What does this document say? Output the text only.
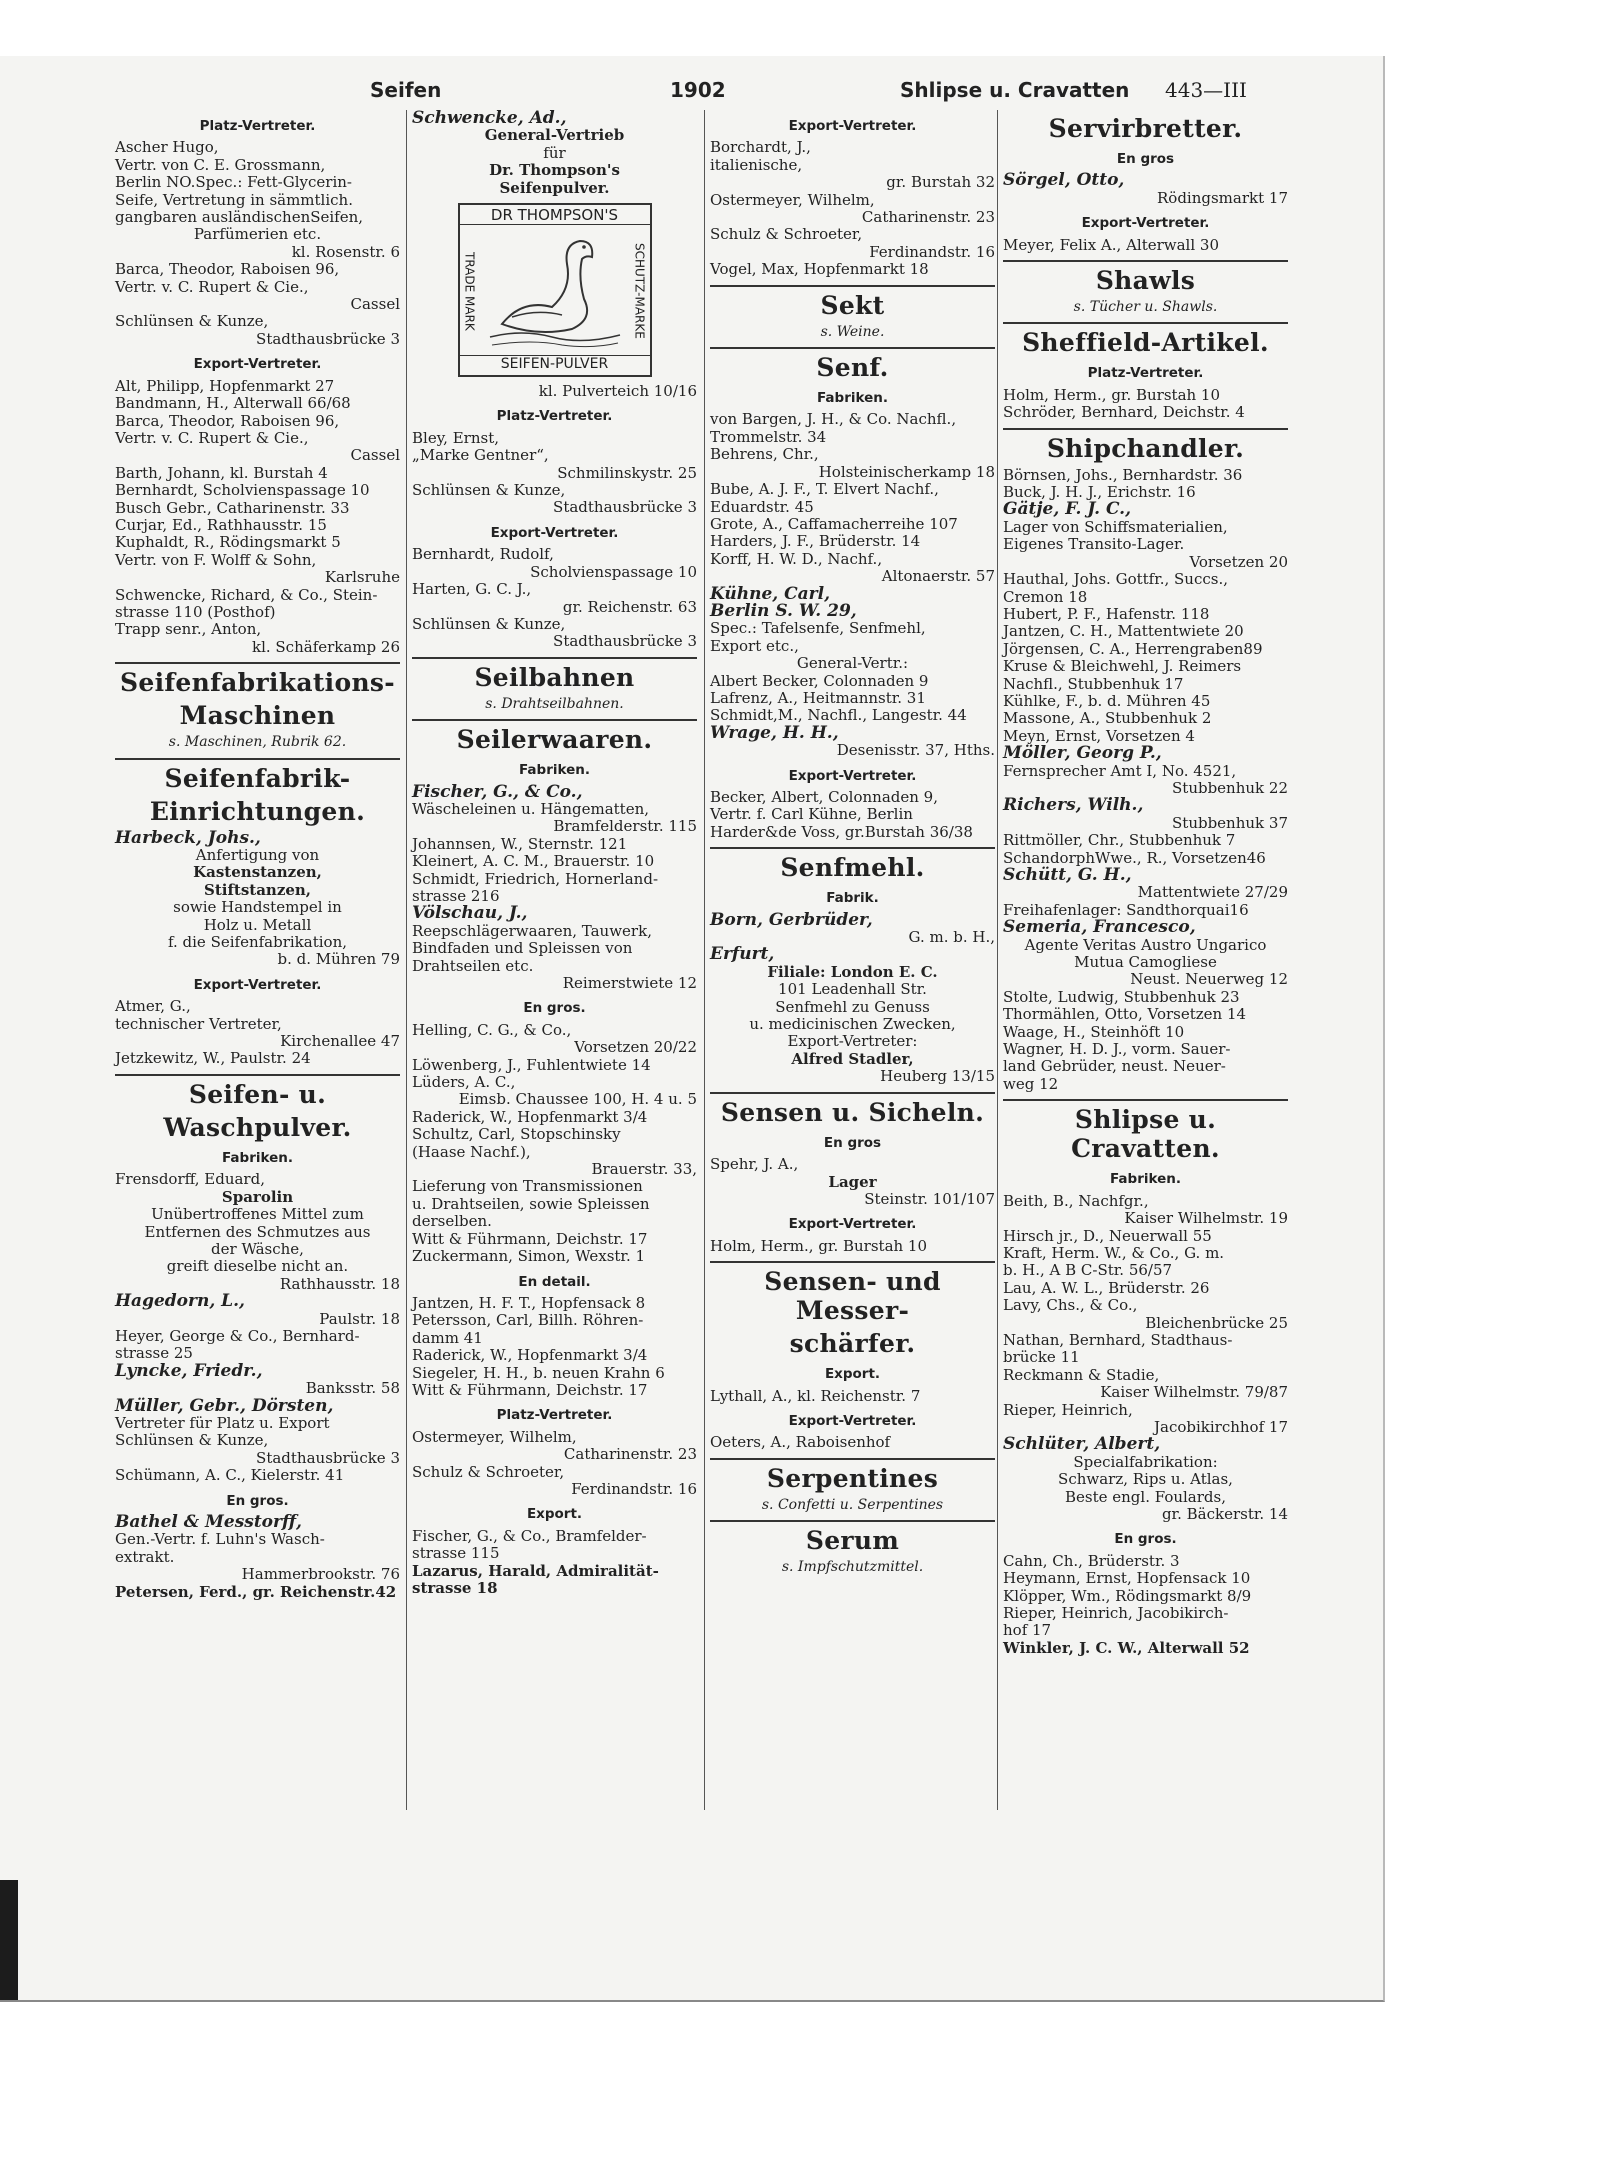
Seifen	1902	Shlipse u. Cravatten 443—III
Platz-Vertreter.
Ascher Hugo,
Vertr. von C. E. Grossmann,
Berlin NO.Spec.: Fett-Glycerin-
Seife, Vertretung in sämmtlich.
gangbaren ausländischenSeifen,
Parfümerien etc.
kl. Rosenstr. 6
Barca, Theodor, Raboisen 96,
Vertr. v. C. Rupert & Cie.,
Cassel
Schlünsen & Kunze,
Stadthausbrücke 3
Export-Vertreter.
Alt, Philipp, Hopfenmarkt 27
Bandmann, H., Alterwall 66/68
Barca, Theodor, Raboisen 96,
Vertr. v. C. Rupert & Cie.,
Cassel
Barth, Johann, kl. Burstah 4
Bernhardt, Scholvienspassage 10
Busch Gebr., Catharinenstr. 33
Curjar, Ed., Rathhausstr. 15
Kuphaldt, R., Rödingsmarkt 5
Vertr. von F. Wolff & Sohn,
Karlsruhe
Schwencke, Richard, & Co., Stein-
strasse 110 (Posthof)
Trapp senr., Anton,
kl. Schäferkamp 26
Seifenfabrikations-
Maschinen
s. Maschinen, Rubrik 62.
Seifenfabrik-
Einrichtungen.
Harbeck, Johs.,
Anfertigung von
Kastenstanzen,
Stiftstanzen,
sowie Handstempel in
Holz u. Metall
f. die Seifenfabrikation,
b. d. Mühren 79
Export-Vertreter.
Atmer, G.,
technischer Vertreter,
Kirchenallee 47
Jetzkewitz, W., Paulstr. 24
Seifen- u.
Waschpulver.
Fabriken.
Frensdorff, Eduard,
Sparolin
Unübertroffenes Mittel zum
Entfernen des Schmutzes aus
der Wäsche,
greift dieselbe nicht an.
Rathhausstr. 18
Hagedorn, L.,
Paulstr. 18
Heyer, George & Co., Bernhard-
strasse 25
Lyncke, Friedr.,
Banksstr. 58
Müller, Gebr., Dörsten,
Vertreter für Platz u. Export
Schlünsen & Kunze,
Stadthausbrücke 3
Schümann, A. C., Kielerstr. 41
En gros.
Bathel & Messtorff,
Gen.-Vertr. f. Luhn's Wasch-
extrakt.
Hammerbrookstr. 76
Petersen, Ferd., gr. Reichenstr.42
Schwencke, Ad.,
General-Vertrieb
für
Dr. Thompson's
Seifenpulver.
DR THOMPSON'S
TRADE MARK	SCHUTZ-MARKE
SEIFEN-PULVER
kl. Pulverteich 10/16
Platz-Vertreter.
Bley, Ernst,
„Marke Gentner“,
Schmilinskystr. 25
Schlünsen & Kunze,
Stadthausbrücke 3
Export-Vertreter.
Bernhardt, Rudolf,
Scholvienspassage 10
Harten, G. C. J.,
gr. Reichenstr. 63
Schlünsen & Kunze,
Stadthausbrücke 3
Seilbahnen
s. Drahtseilbahnen.
Seilerwaaren.
Fabriken.
Fischer, G., & Co.,
Wäscheleinen u. Hängematten,
Bramfelderstr. 115
Johannsen, W., Sternstr. 121
Kleinert, A. C. M., Brauerstr. 10
Schmidt, Friedrich, Hornerland-
strasse 216
Völschau, J.,
Reepschlägerwaaren, Tauwerk,
Bindfaden und Spleissen von
Drahtseilen etc.
Reimerstwiete 12
En gros.
Helling, C. G., & Co.,
Vorsetzen 20/22
Löwenberg, J., Fuhlentwiete 14
Lüders, A. C.,
Eimsb. Chaussee 100, H. 4 u. 5
Raderick, W., Hopfenmarkt 3/4
Schultz, Carl, Stopschinsky
(Haase Nachf.),
Brauerstr. 33,
Lieferung von Transmissionen
u. Drahtseilen, sowie Spleissen
derselben.
Witt & Führmann, Deichstr. 17
Zuckermann, Simon, Wexstr. 1
En detail.
Jantzen, H. F. T., Hopfensack 8
Petersson, Carl, Billh. Röhren-
damm 41
Raderick, W., Hopfenmarkt 3/4
Siegeler, H. H., b. neuen Krahn 6
Witt & Führmann, Deichstr. 17
Platz-Vertreter.
Ostermeyer, Wilhelm,
Catharinenstr. 23
Schulz & Schroeter,
Ferdinandstr. 16
Export.
Fischer, G., & Co., Bramfelder-
strasse 115
Lazarus, Harald, Admiralität-
strasse 18
Export-Vertreter.
Borchardt, J.,
italienische,
gr. Burstah 32
Ostermeyer, Wilhelm,
Catharinenstr. 23
Schulz & Schroeter,
Ferdinandstr. 16
Vogel, Max, Hopfenmarkt 18
Sekt
s. Weine.
Senf.
Fabriken.
von Bargen, J. H., & Co. Nachfl.,
Trommelstr. 34
Behrens, Chr.,
Holsteinischerkamp 18
Bube, A. J. F., T. Elvert Nachf.,
Eduardstr. 45
Grote, A., Caffamacherreihe 107
Harders, J. F., Brüderstr. 14
Korff, H. W. D., Nachf.,
Altonaerstr. 57
Kühne, Carl,
Berlin S. W. 29,
Spec.: Tafelsenfe, Senfmehl,
Export etc.,
General-Vertr.:
Albert Becker, Colonnaden 9
Lafrenz, A., Heitmannstr. 31
Schmidt,M., Nachfl., Langestr. 44
Wrage, H. H.,
Desenisstr. 37, Hths.
Export-Vertreter.
Becker, Albert, Colonnaden 9,
Vertr. f. Carl Kühne, Berlin
Harder&de Voss, gr.Burstah 36/38
Senfmehl.
Fabrik.
Born, Gerbrüder,
G. m. b. H.,
Erfurt,
Filiale: London E. C.
101 Leadenhall Str.
Senfmehl zu Genuss
u. medicinischen Zwecken,
Export-Vertreter:
Alfred Stadler,
Heuberg 13/15
Sensen u. Sicheln.
En gros
Spehr, J. A.,
Lager
Steinstr. 101/107
Export-Vertreter.
Holm, Herm., gr. Burstah 10
Sensen- und Messer-
schärfer.
Export.
Lythall, A., kl. Reichenstr. 7
Export-Vertreter.
Oeters, A., Raboisenhof
Serpentines
s. Confetti u. Serpentines
Serum
s. Impfschutzmittel.
Servirbretter.
En gros
Sörgel, Otto,
Rödingsmarkt 17
Export-Vertreter.
Meyer, Felix A., Alterwall 30
Shawls
s. Tücher u. Shawls.
Sheffield-Artikel.
Platz-Vertreter.
Holm, Herm., gr. Burstah 10
Schröder, Bernhard, Deichstr. 4
Shipchandler.
Börnsen, Johs., Bernhardstr. 36
Buck, J. H. J., Erichstr. 16
Gätje, F. J. C.,
Lager von Schiffsmaterialien,
Eigenes Transito-Lager.
Vorsetzen 20
Hauthal, Johs. Gottfr., Succs.,
Cremon 18
Hubert, P. F., Hafenstr. 118
Jantzen, C. H., Mattentwiete 20
Jörgensen, C. A., Herrengraben89
Kruse & Bleichwehl, J. Reimers
Nachfl., Stubbenhuk 17
Kühlke, F., b. d. Mühren 45
Massone, A., Stubbenhuk 2
Meyn, Ernst, Vorsetzen 4
Möller, Georg P.,
Fernsprecher Amt I, No. 4521,
Stubbenhuk 22
Richers, Wilh.,
Stubbenhuk 37
Rittmöller, Chr., Stubbenhuk 7
SchandorphWwe., R., Vorsetzen46
Schütt, G. H.,
Mattentwiete 27/29
Freihafenlager: Sandthorquai16
Semeria, Francesco,
Agente Veritas Austro Ungarico
Mutua Camogliese
Neust. Neuerweg 12
Stolte, Ludwig, Stubbenhuk 23
Thormählen, Otto, Vorsetzen 14
Waage, H., Steinhöft 10
Wagner, H. D. J., vorm. Sauer-
land Gebrüder, neust. Neuer-
weg 12
Shlipse u. Cravatten.
Fabriken.
Beith, B., Nachfgr.,
Kaiser Wilhelmstr. 19
Hirsch jr., D., Neuerwall 55
Kraft, Herm. W., & Co., G. m.
b. H., A B C-Str. 56/57
Lau, A. W. L., Brüderstr. 26
Lavy, Chs., & Co.,
Bleichenbrücke 25
Nathan, Bernhard, Stadthaus-
brücke 11
Reckmann & Stadie,
Kaiser Wilhelmstr. 79/87
Rieper, Heinrich,
Jacobikirchhof 17
Schlüter, Albert,
Specialfabrikation:
Schwarz, Rips u. Atlas,
Beste engl. Foulards,
gr. Bäckerstr. 14
En gros.
Cahn, Ch., Brüderstr. 3
Heymann, Ernst, Hopfensack 10
Klöpper, Wm., Rödingsmarkt 8/9
Rieper, Heinrich, Jacobikirch-
hof 17
Winkler, J. C. W., Alterwall 52
